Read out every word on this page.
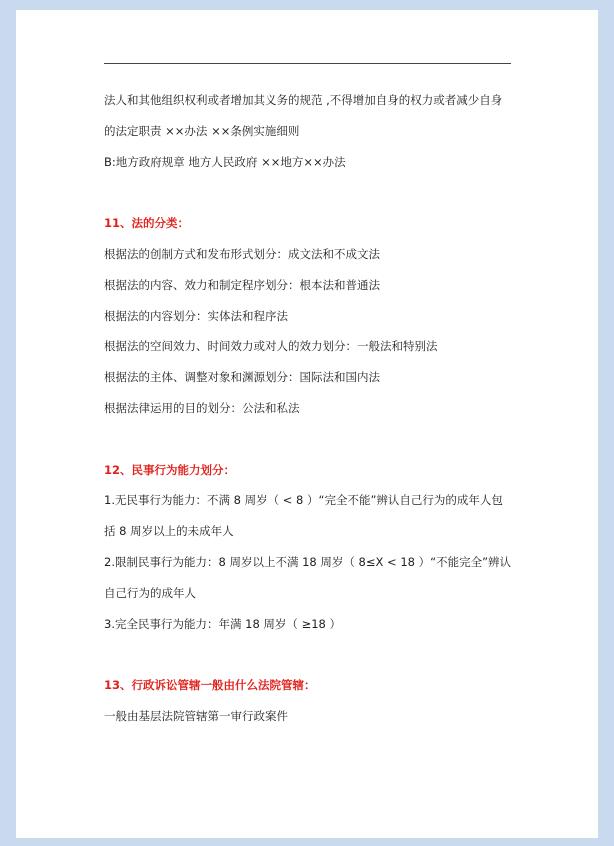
法人和其他组织权利或者增加其义务的规范 ,不得增加自身的权力或者减少自身
的法定职责 ××办法 ××条例实施细则
B:地方政府规章 地方人民政府 ××地方××办法
11、法的分类：
根据法的创制方式和发布形式划分：成文法和不成文法
根据法的内容、效力和制定程序划分：根本法和普通法
根据法的内容划分：实体法和程序法
根据法的空间效力、时间效力或对人的效力划分：一般法和特别法
根据法的主体、调整对象和渊源划分：国际法和国内法
根据法律运用的目的划分：公法和私法
12、民事行为能力划分：
1.无民事行为能力：不满 8 周岁（ < 8 ）“完全不能”辨认自己行为的成年人包
括 8 周岁以上的未成年人
2.限制民事行为能力：8 周岁以上不满 18 周岁（ 8≤X < 18 ）“不能完全”辨认
自己行为的成年人
3.完全民事行为能力：年满 18 周岁（ ≥18 ）
13、行政诉讼管辖一般由什么法院管辖：
一般由基层法院管辖第一审行政案件
